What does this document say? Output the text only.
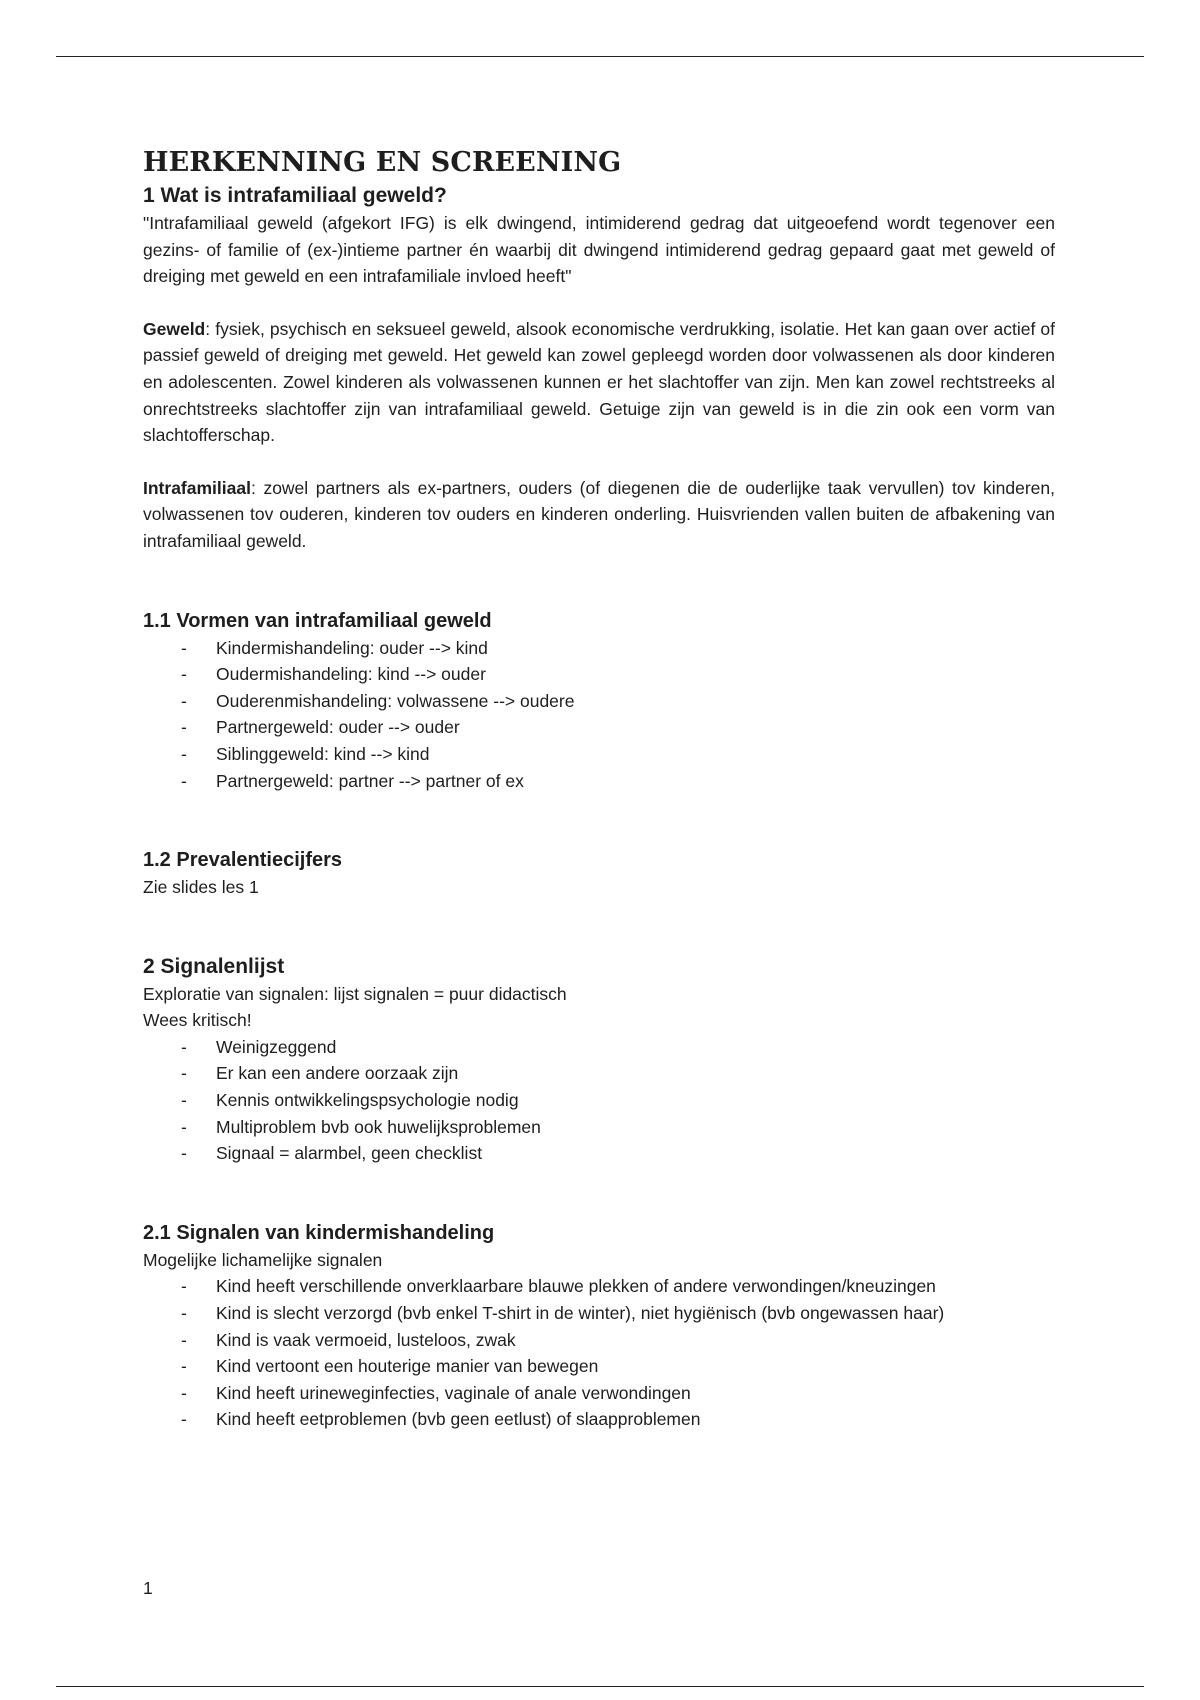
HERKENNING EN SCREENING
1 Wat is intrafamiliaal geweld?

"Intrafamiliaal geweld (afgekort IFG) is elk dwingend, intimiderend gedrag dat uitgeoefend wordt tegenover een gezins- of familie of (ex-)intieme partner én waarbij dit dwingend intimiderend gedrag gepaard gaat met geweld of dreiging met geweld en een intrafamiliale invloed heeft"

Geweld: fysiek, psychisch en seksueel geweld, alsook economische verdrukking, isolatie. Het kan gaan over actief of passief geweld of dreiging met geweld. Het geweld kan zowel gepleegd worden door volwassenen als door kinderen en adolescenten. Zowel kinderen als volwassenen kunnen er het slachtoffer van zijn. Men kan zowel rechtstreeks al onrechtstreeks slachtoffer zijn van intrafamiliaal geweld. Getuige zijn van geweld is in die zin ook een vorm van slachtofferschap.

Intrafamiliaal: zowel partners als ex-partners, ouders (of diegenen die de ouderlijke taak vervullen) tov kinderen, volwassenen tov ouderen, kinderen tov ouders en kinderen onderling. Huisvrienden vallen buiten de afbakening van intrafamiliaal geweld.

1.1 Vormen van intrafamiliaal geweld
- Kindermishandeling: ouder --> kind
- Oudermishandeling: kind --> ouder
- Ouderenmishandeling: volwassene --> oudere
- Partnergeweld: ouder --> ouder
- Siblinggeweld: kind --> kind
- Partnergeweld: partner --> partner of ex
1.2 Prevalentiecijfers

Zie slides les 1

2 Signalenlijst

Exploratie van signalen: lijst signalen = puur didactisch

Wees kritisch!

- Weinigzeggend
- Er kan een andere oorzaak zijn
- Kennis ontwikkelingspsychologie nodig
- Multiproblem bvb ook huwelijksproblemen
- Signaal = alarmbel, geen checklist
2.1 Signalen van kindermishandeling

Mogelijke lichamelijke signalen

- Kind heeft verschillende onverklaarbare blauwe plekken of andere verwondingen/kneuzingen
- Kind is slecht verzorgd (bvb enkel T-shirt in de winter), niet hygiënisch (bvb ongewassen haar)
- Kind is vaak vermoeid, lusteloos, zwak
- Kind vertoont een houterige manier van bewegen
- Kind heeft urineweginfecties, vaginale of anale verwondingen
- Kind heeft eetproblemen (bvb geen eetlust) of slaapproblemen
1
